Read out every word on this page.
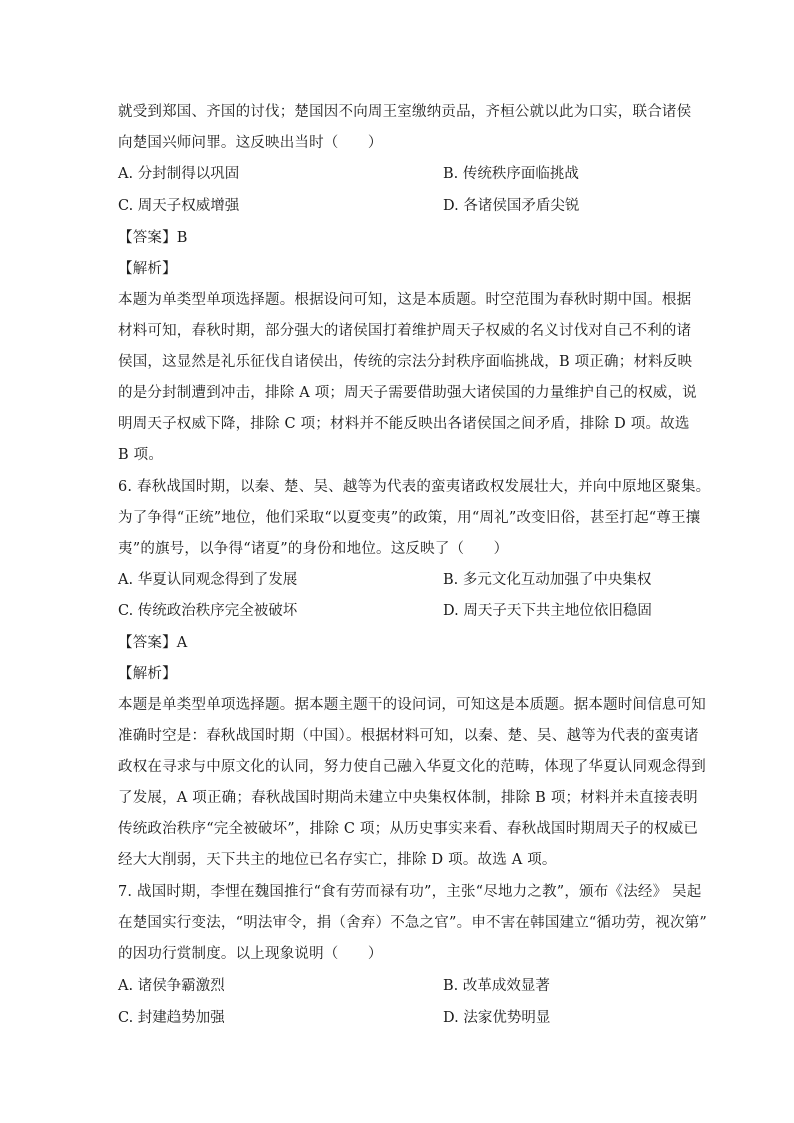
就受到郑国、齐国的讨伐；楚国因不向周王室缴纳贡品，齐桓公就以此为口实，联合诸侯
向楚国兴师问罪。这反映出当时（　　）
A. 分封制得以巩固	B. 传统秩序面临挑战
C. 周天子权威增强	D. 各诸侯国矛盾尖锐
【答案】B
【解析】
本题为单类型单项选择题。根据设问可知，这是本质题。时空范围为春秋时期中国。根据
材料可知，春秋时期，部分强大的诸侯国打着维护周天子权威的名义讨伐对自己不利的诸
侯国，这显然是礼乐征伐自诸侯出，传统的宗法分封秩序面临挑战，B 项正确；材料反映
的是分封制遭到冲击，排除 A 项；周天子需要借助强大诸侯国的力量维护自己的权威，说
明周天子权威下降，排除 C 项；材料并不能反映出各诸侯国之间矛盾，排除 D 项。故选
B 项。
6. 春秋战国时期，以秦、楚、吴、越等为代表的蛮夷诸政权发展壮大，并向中原地区聚集。
为了争得“正统”地位，他们采取“以夏变夷”的政策，用“周礼”改变旧俗，甚至打起“尊王攘
夷”的旗号，以争得“诸夏”的身份和地位。这反映了（　　）
A. 华夏认同观念得到了发展	B. 多元文化互动加强了中央集权
C. 传统政治秩序完全被破坏	D. 周天子天下共主地位依旧稳固
【答案】A
【解析】
本题是单类型单项选择题。据本题主题干的设问词，可知这是本质题。据本题时间信息可知
准确时空是：春秋战国时期（中国）。根据材料可知，以秦、楚、吴、越等为代表的蛮夷诸
政权在寻求与中原文化的认同，努力使自己融入华夏文化的范畴，体现了华夏认同观念得到
了发展，A 项正确；春秋战国时期尚未建立中央集权体制，排除 B 项；材料并未直接表明
传统政治秩序“完全被破坏”，排除 C 项；从历史事实来看、春秋战国时期周天子的权威已
经大大削弱，天下共主的地位已名存实亡，排除 D 项。故选 A 项。
7. 战国时期，李悝在魏国推行“食有劳而禄有功”，主张“尽地力之教”，颁布《法经》 吴起
在楚国实行变法，“明法审令，捐（舍弃）不急之官”。申不害在韩国建立“循功劳，视次第”
的因功行赏制度。以上现象说明（　　）
A. 诸侯争霸激烈	B. 改革成效显著
C. 封建趋势加强	D. 法家优势明显
